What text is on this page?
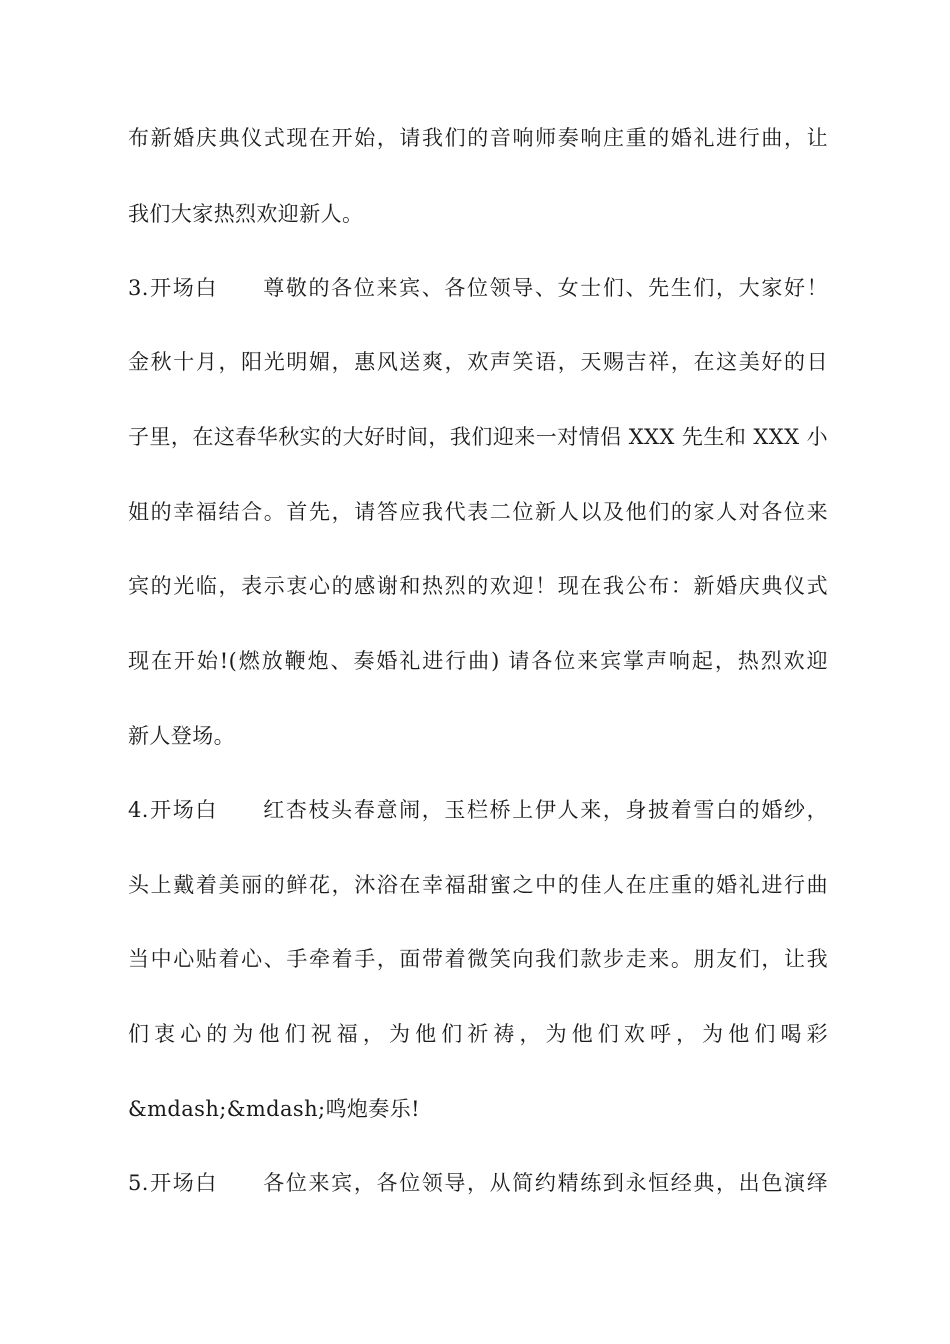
布新婚庆典仪式现在开始，请我们的音响师奏响庄重的婚礼进行曲，让
我们大家热烈欢迎新人。
3.开场白　　尊敬的各位来宾、各位领导、女士们、先生们，大家好！
金秋十月，阳光明媚，惠风送爽，欢声笑语，天赐吉祥，在这美好的日
子里，在这春华秋实的大好时间，我们迎来一对情侣 XXX 先生和 XXX 小
姐的幸福结合。首先，请答应我代表二位新人以及他们的家人对各位来
宾的光临，表示衷心的感谢和热烈的欢迎！现在我公布：新婚庆典仪式
现在开始!(燃放鞭炮、奏婚礼进行曲) 请各位来宾掌声响起，热烈欢迎
新人登场。
4.开场白　　红杏枝头春意闹，玉栏桥上伊人来，身披着雪白的婚纱，
头上戴着美丽的鲜花，沐浴在幸福甜蜜之中的佳人在庄重的婚礼进行曲
当中心贴着心、手牵着手，面带着微笑向我们款步走来。朋友们，让我
们衷心的为他们祝福，为他们祈祷，为他们欢呼，为他们喝彩
&mdash;&mdash;鸣炮奏乐!
5.开场白　　各位来宾，各位领导，从简约精练到永恒经典，出色演绎
